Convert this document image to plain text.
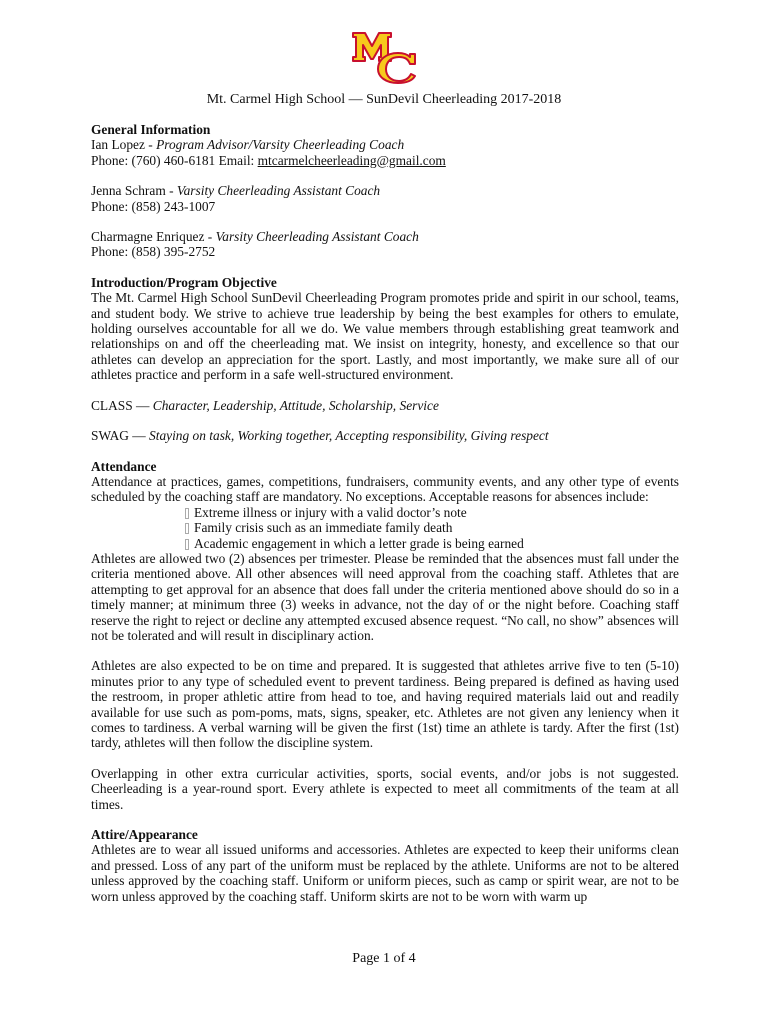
Mt. Carmel High School — SunDevil Cheerleading 2017-2018

General Information

Ian Lopez - Program Advisor/Varsity Cheerleading Coach

Phone: (760) 460-6181 Email: mtcarmelcheerleading@gmail.com

Jenna Schram - Varsity Cheerleading Assistant Coach

Phone: (858) 243-1007

Charmagne Enriquez - Varsity Cheerleading Assistant Coach

Phone: (858) 395-2752

Introduction/Program Objective

The Mt. Carmel High School SunDevil Cheerleading Program promotes pride and spirit in our school, teams, and student body. We strive to achieve true leadership by being the best examples for others to emulate, holding ourselves accountable for all we do. We value members through establishing great teamwork and relationships on and off the cheerleading mat. We insist on integrity, honesty, and excellence so that our athletes can develop an appreciation for the sport. Lastly, and most importantly, we make sure all of our athletes practice and perform in a safe well-structured environment.

CLASS — Character, Leadership, Attitude, Scholarship, Service

SWAG — Staying on task, Working together, Accepting responsibility, Giving respect

Attendance

Attendance at practices, games, competitions, fundraisers, community events, and any other type of events scheduled by the coaching staff are mandatory. No exceptions. Acceptable reasons for absences include:

Extreme illness or injury with a valid doctor’s note
Family crisis such as an immediate family death
Academic engagement in which a letter grade is being earned

Athletes are allowed two (2) absences per trimester. Please be reminded that the absences must fall under the criteria mentioned above. All other absences will need approval from the coaching staff. Athletes that are attempting to get approval for an absence that does fall under the criteria mentioned above should do so in a timely manner; at minimum three (3) weeks in advance, not the day of or the night before. Coaching staff reserve the right to reject or decline any attempted excused absence request. “No call, no show” absences will not be tolerated and will result in disciplinary action.

Athletes are also expected to be on time and prepared. It is suggested that athletes arrive five to ten (5-10) minutes prior to any type of scheduled event to prevent tardiness. Being prepared is defined as having used the restroom, in proper athletic attire from head to toe, and having required materials laid out and readily available for use such as pom-poms, mats, signs, speaker, etc. Athletes are not given any leniency when it comes to tardiness. A verbal warning will be given the first (1st) time an athlete is tardy. After the first (1st) tardy, athletes will then follow the discipline system.

Overlapping in other extra curricular activities, sports, social events, and/or jobs is not suggested. Cheerleading is a year-round sport. Every athlete is expected to meet all commitments of the team at all times.

Attire/Appearance

Athletes are to wear all issued uniforms and accessories. Athletes are expected to keep their uniforms clean and pressed. Loss of any part of the uniform must be replaced by the athlete. Uniforms are not to be altered unless approved by the coaching staff. Uniform or uniform pieces, such as camp or spirit wear, are not to be worn unless approved by the coaching staff. Uniform skirts are not to be worn with warm up

Page 1 of 4
